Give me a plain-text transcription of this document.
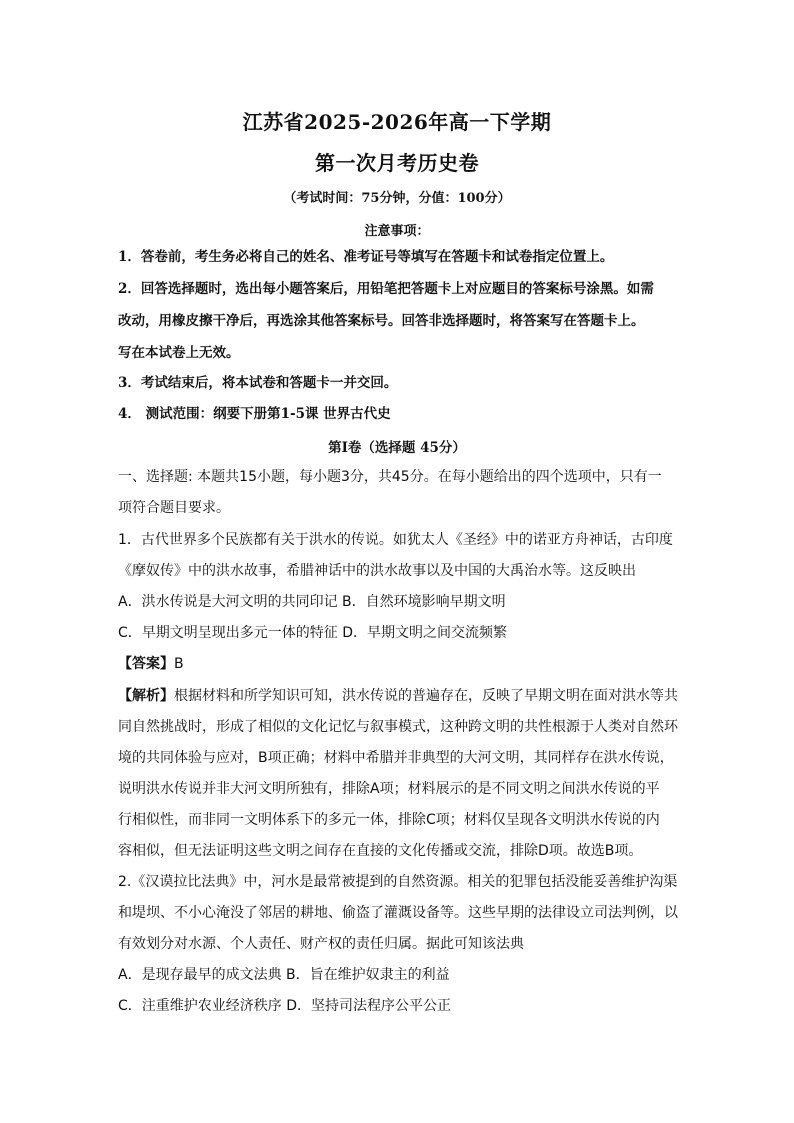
江苏省2025-2026年高一下学期
第一次月考历史卷
（考试时间：75分钟，分值：100分）
注意事项：
1．答卷前，考生务必将自己的姓名、准考证号等填写在答题卡和试卷指定位置上。
2．回答选择题时，选出每小题答案后，用铅笔把答题卡上对应题目的答案标号涂黑。如需
改动，用橡皮擦干净后，再选涂其他答案标号。回答非选择题时，将答案写在答题卡上。
写在本试卷上无效。
3．考试结束后，将本试卷和答题卡一并交回。
4． 测试范围：纲要下册第1-5课 世界古代史
第Ⅰ卷（选择题 45分）
一、选择题: 本题共15小题，每小题3分，共45分。在每小题给出的四个选项中，只有一
项符合题目要求。
1．古代世界多个民族都有关于洪水的传说。如犹太人《圣经》中的诺亚方舟神话，古印度
《摩奴传》中的洪水故事，希腊神话中的洪水故事以及中国的大禹治水等。这反映出
A．洪水传说是大河文明的共同印记 B．自然环境影响早期文明
C．早期文明呈现出多元一体的特征 D．早期文明之间交流频繁
【答案】B
【解析】根据材料和所学知识可知，洪水传说的普遍存在，反映了早期文明在面对洪水等共
同自然挑战时，形成了相似的文化记忆与叙事模式，这种跨文明的共性根源于人类对自然环
境的共同体验与应对，B项正确；材料中希腊并非典型的大河文明，其同样存在洪水传说，
说明洪水传说并非大河文明所独有，排除A项；材料展示的是不同文明之间洪水传说的平
行相似性，而非同一文明体系下的多元一体，排除C项；材料仅呈现各文明洪水传说的内
容相似，但无法证明这些文明之间存在直接的文化传播或交流，排除D项。故选B项。
2.《汉谟拉比法典》中，河水是最常被提到的自然资源。相关的犯罪包括没能妥善维护沟渠
和堤坝、不小心淹没了邻居的耕地、偷盗了灌溉设备等。这些早期的法律设立司法判例，以
有效划分对水源、个人责任、财产权的责任归属。据此可知该法典
A．是现存最早的成文法典 B．旨在维护奴隶主的利益
C．注重维护农业经济秩序 D．坚持司法程序公平公正
